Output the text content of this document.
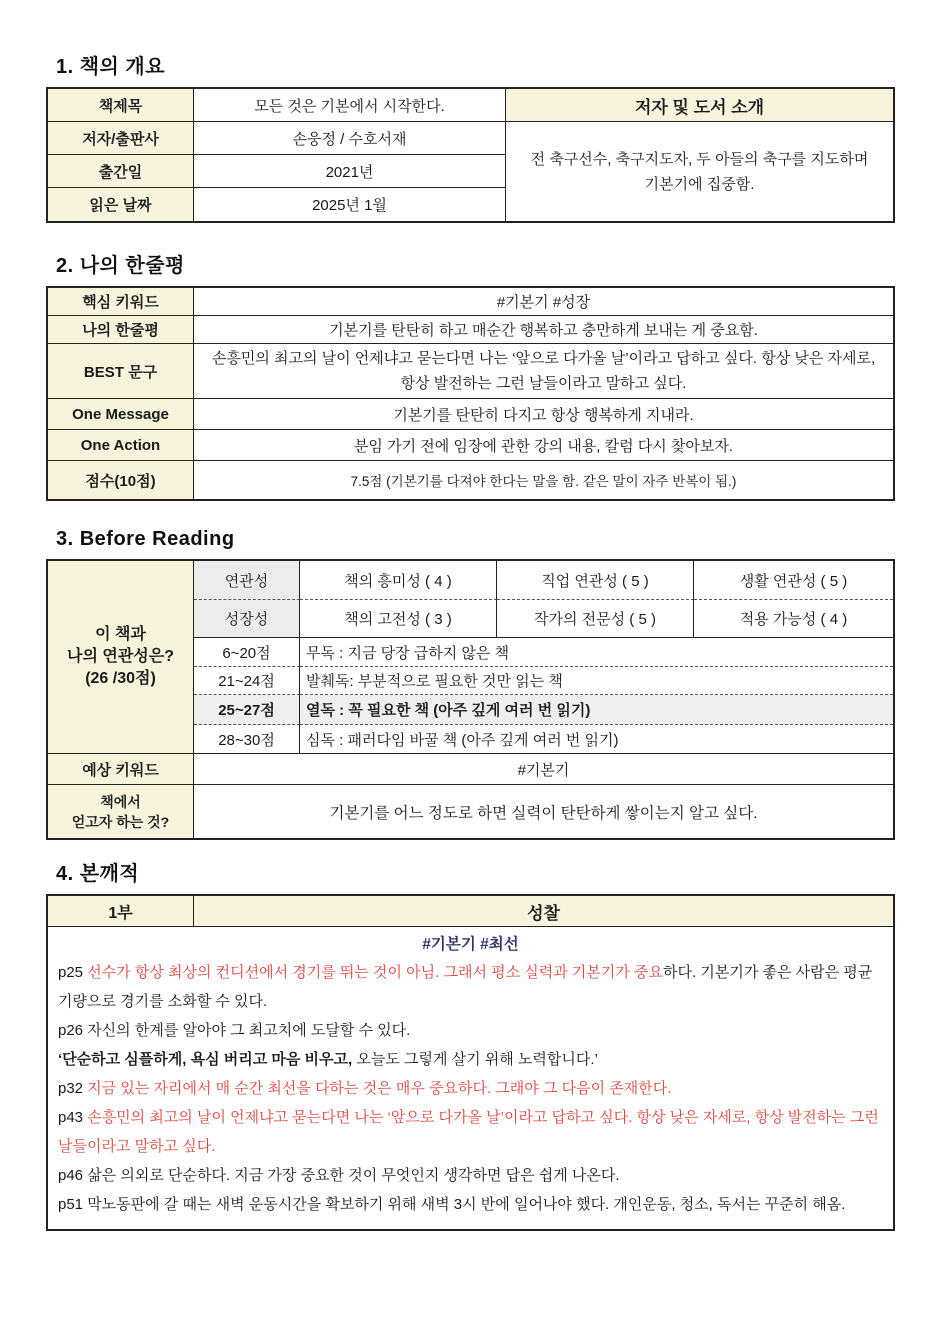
1. 책의 개요
책제목	모든 것은 기본에서 시작한다.	저자 및 도서 소개
저자/출판사	손웅정 / 수호서재	전 축구선수, 축구지도자, 두 아들의 축구를 지도하며 기본기에 집중함.
출간일	2021년	
읽은 날짜	2025년 1월	
2. 나의 한줄평
핵심 키워드	#기본기 #성장
나의 한줄평	기본기를 탄탄히 하고 매순간 행복하고 충만하게 보내는 게 중요함.
BEST 문구	손흥민의 최고의 날이 언제냐고 묻는다면 나는 ‘앞으로 다가올 날’이라고 답하고 싶다. 항상 낮은 자세로, 항상 발전하는 그런 날들이라고 말하고 싶다.
One Message	기본기를 탄탄히 다지고 항상 행복하게 지내라.
One Action	분임 가기 전에 임장에 관한 강의 내용, 칼럼 다시 찾아보자.
점수(10점)	7.5점 (기본기를 다져야 한다는 말을 함. 같은 말이 자주 반복이 됨.)
3. Before Reading
이 책과
나의 연관성은?
(26 /30점)	연관성	책의 흥미성 ( 4 )	직업 연관성 ( 5 )	생활 연관성 ( 5 )
	성장성	책의 고전성 ( 3 )	작가의 전문성 ( 5 )	적용 가능성 ( 4 )
	6~20점	무독 : 지금 당장 급하지 않은 책		
	21~24점	발췌독: 부분적으로 필요한 것만 읽는 책		
	25~27점	열독 : 꼭 필요한 책 (아주 깊게 여러 번 읽기)		
	28~30점	심독 : 패러다임 바꿀 책 (아주 깊게 여러 번 읽기)		
예상 키워드	#기본기			

책에서
얻고자 하는 것?	기본기를 어느 정도로 하면 실력이 탄탄하게 쌓이는지 알고 싶다.			
4. 본깨적
1부	성찰

#기본기 #최선

p25 선수가 항상 최상의 컨디션에서 경기를 뛰는 것이 아님. 그래서 평소 실력과 기본기가 중요하다. 기본기가 좋은 사람은 평균 기량으로 경기를 소화할 수 있다.

p26 자신의 한계를 알아야 그 최고치에 도달할 수 있다.

‘단순하고 심플하게, 욕심 버리고 마음 비우고, 오늘도 그렇게 살기 위해 노력합니다.’

p32 지금 있는 자리에서 매 순간 최선을 다하는 것은 매우 중요하다. 그래야 그 다음이 존재한다.

p43 손흥민의 최고의 날이 언제냐고 묻는다면 나는 ‘앞으로 다가올 날’이라고 답하고 싶다. 항상 낮은 자세로, 항상 발전하는 그런 날들이라고 말하고 싶다.

p46 삶은 의외로 단순하다. 지금 가장 중요한 것이 무엇인지 생각하면 답은 쉽게 나온다.

p51 막노동판에 갈 때는 새벽 운동시간을 확보하기 위해 새벽 3시 반에 일어나야 했다. 개인운동, 청소, 독서는 꾸준히 해옴.
